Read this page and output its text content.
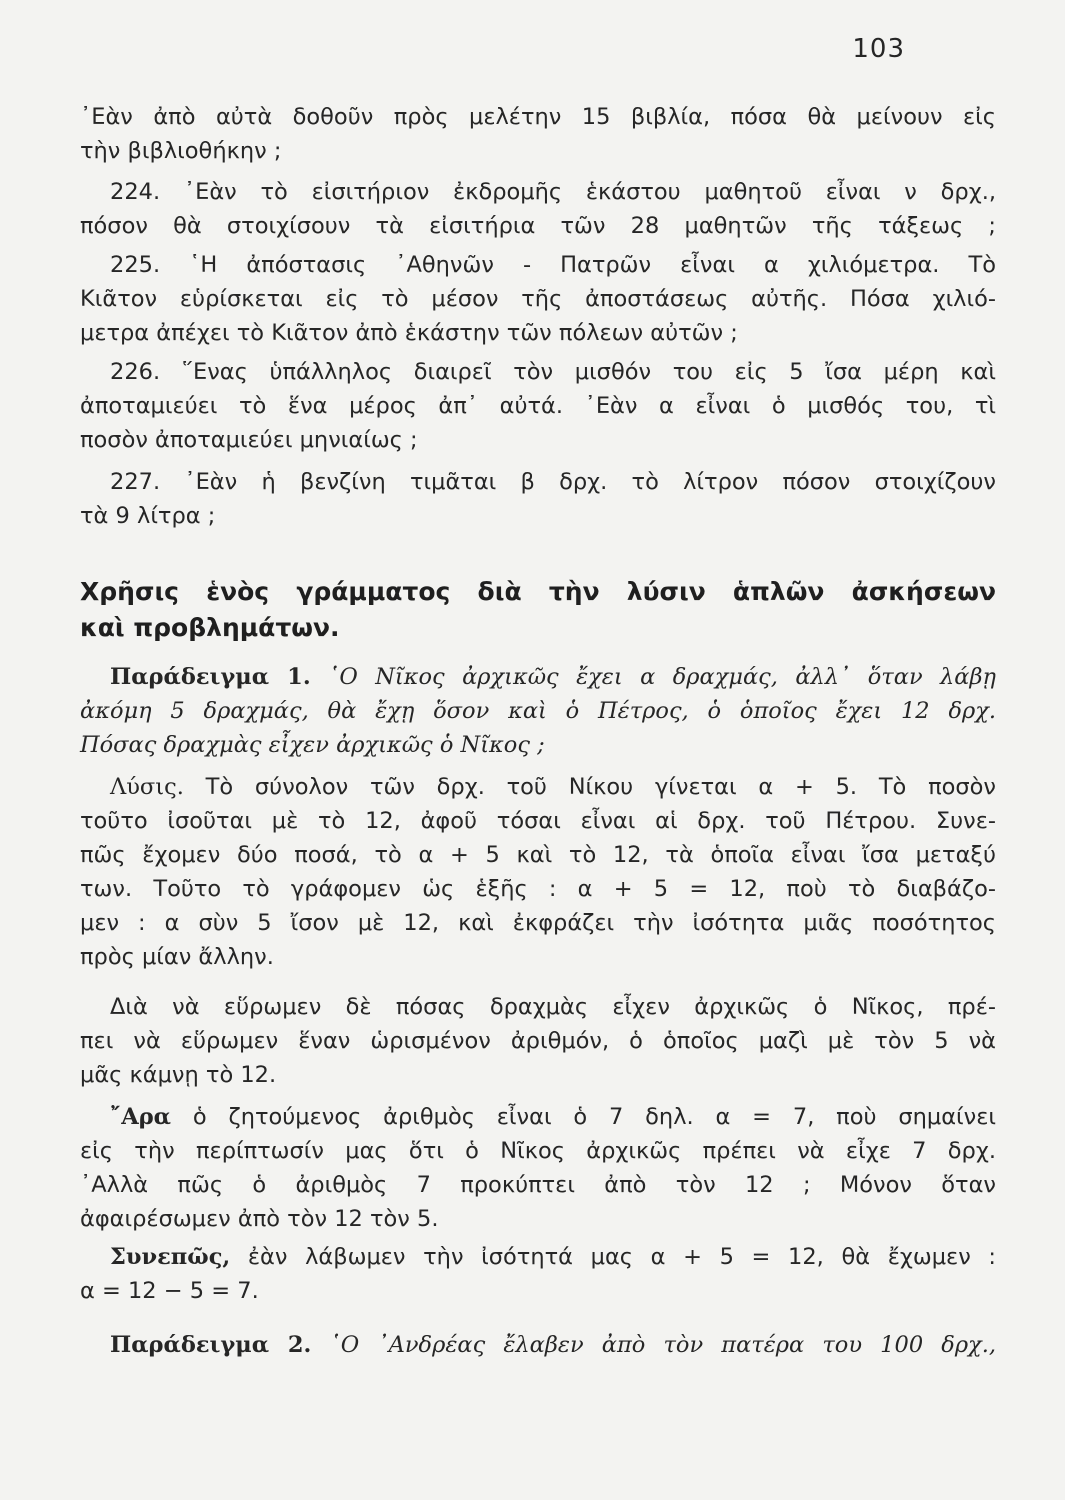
103
᾿Εὰν ἀπὸ αὐτὰ δοθοῦν πρὸς μελέτην 15 βιβλία, πόσα θὰ μείνουν εἰς
τὴν βιβλιοθήκην ;
224. ᾿Εὰν τὸ εἰσιτήριον ἐκδρομῆς ἑκάστου μαθητοῦ εἶναι ν δρχ.,
πόσον θὰ στοιχίσουν τὰ εἰσιτήρια τῶν 28 μαθητῶν τῆς τάξεως ;
225. ῾Η ἀπόστασις ᾿Αθηνῶν - Πατρῶν εἶναι α χιλιόμετρα. Τὸ
Κιᾶτον εὑρίσκεται εἰς τὸ μέσον τῆς ἀποστάσεως αὐτῆς. Πόσα χιλιό-
μετρα ἀπέχει τὸ Κιᾶτον ἀπὸ ἑκάστην τῶν πόλεων αὐτῶν ;
226. ῞Ενας ὑπάλληλος διαιρεῖ τὸν μισθόν του εἰς 5 ἴσα μέρη καὶ
ἀποταμιεύει τὸ ἕνα μέρος ἀπ᾿ αὐτά. ᾿Εὰν α εἶναι ὁ μισθός του, τὶ
ποσὸν ἀποταμιεύει μηνιαίως ;
227. ᾿Εὰν ἡ βενζίνη τιμᾶται β δρχ. τὸ λίτρον πόσον στοιχίζουν
τὰ 9 λίτρα ;
Χρῆσις ἑνὸς γράμματος διὰ τὴν λύσιν ἁπλῶν ἀσκήσεων
καὶ προβλημάτων.
Παράδειγμα 1. ῾Ο Νῖκος ἀρχικῶς ἔχει α δραχμάς, ἀλλ᾿ ὅταν λάβῃ
ἀκόμη 5 δραχμάς, θὰ ἔχῃ ὅσον καὶ ὁ Πέτρος, ὁ ὁποῖος ἔχει 12 δρχ.
Πόσας δραχμὰς εἶχεν ἀρχικῶς ὁ Νῖκος ;
Λύσις. Τὸ σύνολον τῶν δρχ. τοῦ Νίκου γίνεται α + 5. Τὸ ποσὸν
τοῦτο ἰσοῦται μὲ τὸ 12, ἀφοῦ τόσαι εἶναι αἱ δρχ. τοῦ Πέτρου. Συνε-
πῶς ἔχομεν δύο ποσά, τὸ α + 5 καὶ τὸ 12, τὰ ὁποῖα εἶναι ἴσα μεταξύ
των. Τοῦτο τὸ γράφομεν ὡς ἑξῆς : α + 5 = 12, ποὺ τὸ διαβάζο-
μεν : α σὺν 5 ἴσον μὲ 12, καὶ ἐκφράζει τὴν ἰσότητα μιᾶς ποσότητος
πρὸς μίαν ἄλλην.
Διὰ νὰ εὕρωμεν δὲ πόσας δραχμὰς εἶχεν ἀρχικῶς ὁ Νῖκος, πρέ-
πει νὰ εὕρωμεν ἕναν ὡρισμένον ἀριθμόν, ὁ ὁποῖος μαζὶ μὲ τὸν 5 νὰ
μᾶς κάμνῃ τὸ 12.
῎Αρα ὁ ζητούμενος ἀριθμὸς εἶναι ὁ 7 δηλ. α = 7, ποὺ σημαίνει
εἰς τὴν περίπτωσίν μας ὅτι ὁ Νῖκος ἀρχικῶς πρέπει νὰ εἶχε 7 δρχ.
᾿Αλλὰ πῶς ὁ ἀριθμὸς 7 προκύπτει ἀπὸ τὸν 12 ; Μόνον ὅταν
ἀφαιρέσωμεν ἀπὸ τὸν 12 τὸν 5.
Συνεπῶς, ἐὰν λάβωμεν τὴν ἰσότητά μας α + 5 = 12, θὰ ἔχωμεν :
α = 12 − 5 = 7.
Παράδειγμα 2. ῾Ο ᾿Ανδρέας ἔλαβεν ἀπὸ τὸν πατέρα του 100 δρχ.,
